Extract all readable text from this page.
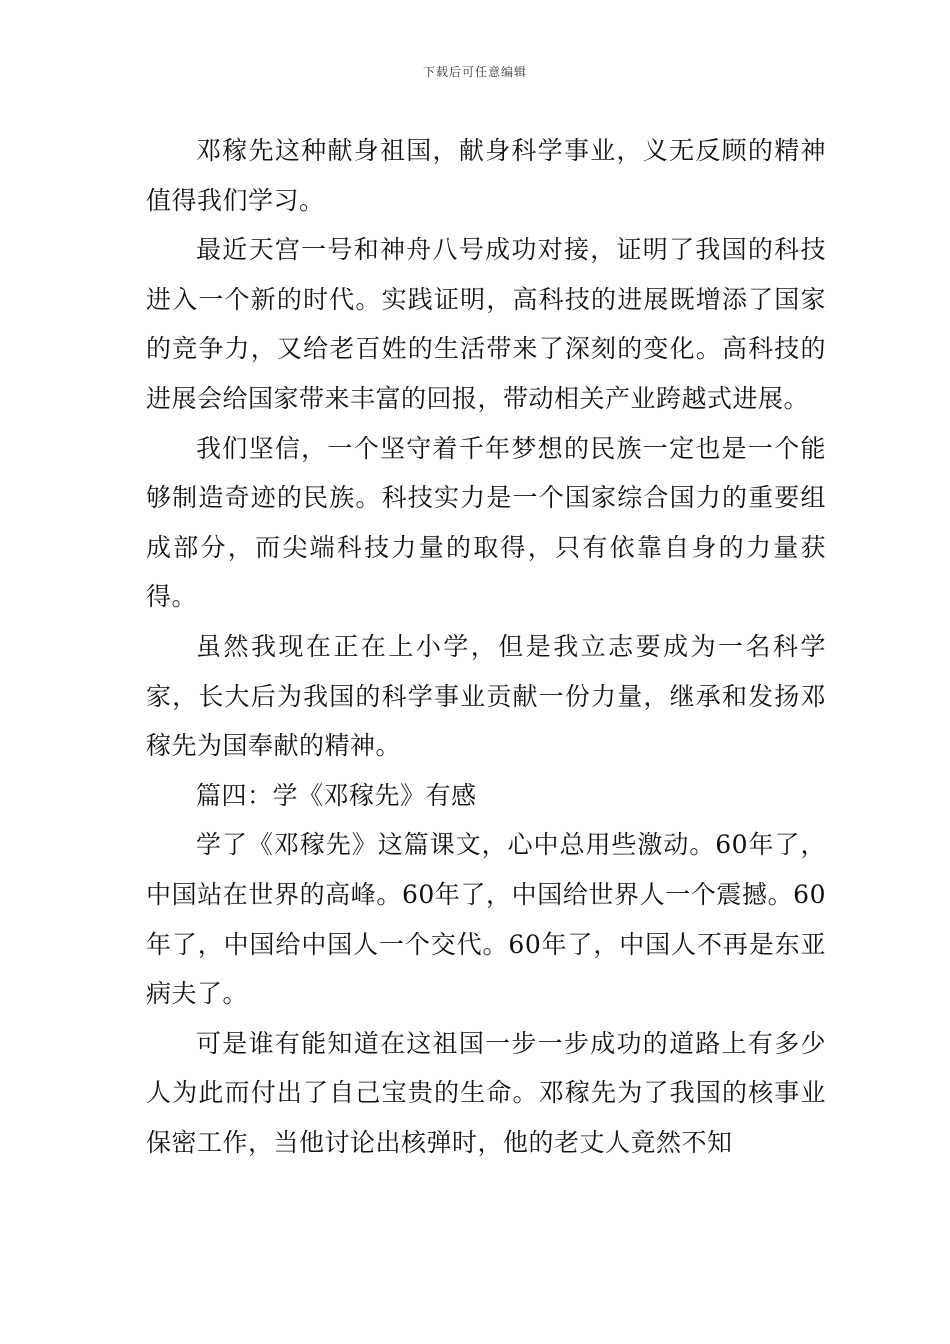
下载后可任意编辑

邓稼先这种献身祖国，献身科学事业，义无反顾的精神值得我们学习。

最近天宫一号和神舟八号成功对接，证明了我国的科技进入一个新的时代。实践证明，高科技的进展既增添了国家的竞争力，又给老百姓的生活带来了深刻的变化。高科技的进展会给国家带来丰富的回报，带动相关产业跨越式进展。

我们坚信，一个坚守着千年梦想的民族一定也是一个能够制造奇迹的民族。科技实力是一个国家综合国力的重要组成部分，而尖端科技力量的取得，只有依靠自身的力量获得。

虽然我现在正在上小学，但是我立志要成为一名科学家，长大后为我国的科学事业贡献一份力量，继承和发扬邓稼先为国奉献的精神。

篇四：学《邓稼先》有感

学了《邓稼先》这篇课文，心中总用些激动。60年了，中国站在世界的高峰。60年了，中国给世界人一个震撼。60年了，中国给中国人一个交代。60年了，中国人不再是东亚病夫了。

可是谁有能知道在这祖国一步一步成功的道路上有多少人为此而付出了自己宝贵的生命。邓稼先为了我国的核事业保密工作，当他讨论出核弹时，他的老丈人竟然不知
